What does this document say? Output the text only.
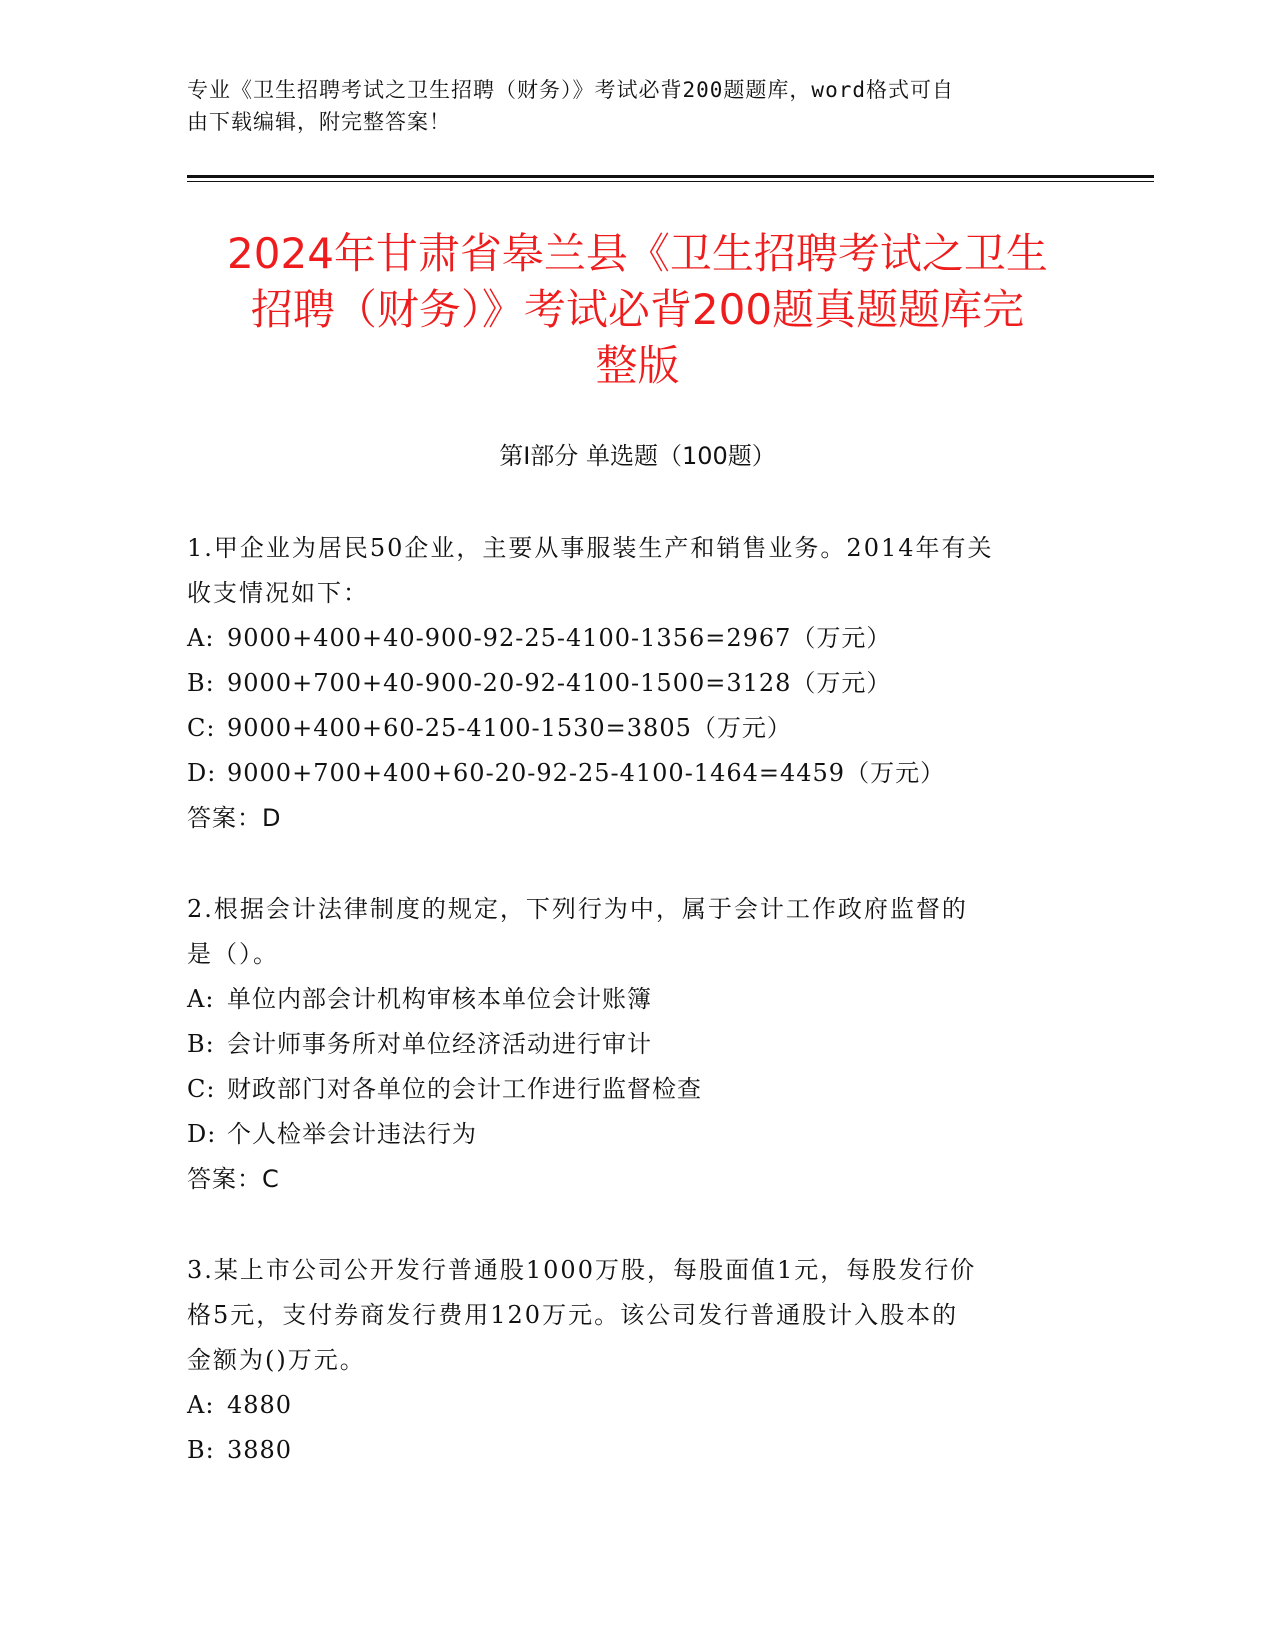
专业《卫生招聘考试之卫生招聘（财务）》考试必背200题题库，word格式可自
由下载编辑，附完整答案！
2024年甘肃省皋兰县《卫生招聘考试之卫生
招聘（财务）》考试必背200题真题题库完
整版
第Ⅰ部分 单选题（100题）
1.甲企业为居民50企业，主要从事服装生产和销售业务。2014年有关
收支情况如下：
A: 9000+400+40-900-92-25-4100-1356=2967（万元）
B: 9000+700+40-900-20-92-4100-1500=3128（万元）
C: 9000+400+60-25-4100-1530=3805（万元）
D: 9000+700+400+60-20-92-25-4100-1464=4459（万元）
答案：D
2.根据会计法律制度的规定，下列行为中，属于会计工作政府监督的
是（）。
A: 单位内部会计机构审核本单位会计账簿
B: 会计师事务所对单位经济活动进行审计
C: 财政部门对各单位的会计工作进行监督检查
D: 个人检举会计违法行为
答案：C
3.某上市公司公开发行普通股1000万股，每股面值1元，每股发行价
格5元，支付券商发行费用120万元。该公司发行普通股计入股本的
金额为()万元。
A: 4880
B: 3880
